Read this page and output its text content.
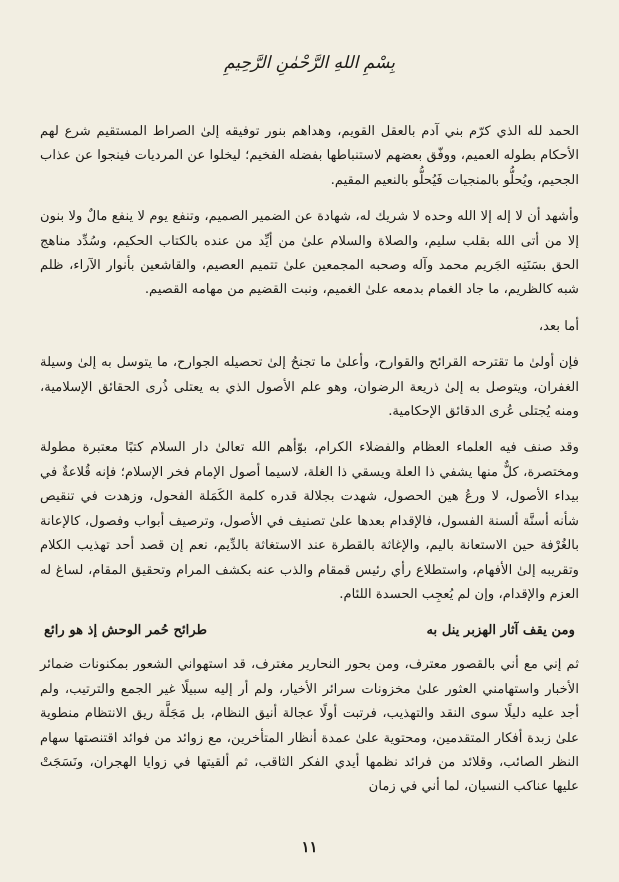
بِسْمِ اللهِ الرَّحْمٰنِ الرَّحِيمِ

الحمد لله الذي كرّم بني آدم بالعقل القويم، وهداهم بنور توفيقه إلىٰ الصراط المستقيم شرع لهم الأحكام بطوله العميم، ووفّق بعضهم لاستنباطها بفضله الفخيم؛ ليخلوا عن المرديات فينجوا عن عذاب الجحيم، ويُحلُّو بالمنجيات فَيُحلُّو بالنعيم المقيم.

وأشهد أن لا إله إلا الله وحده لا شريك له، شهادة عن الضمير الصميم، وتنفع يوم لا ينفع مالٌ ولا بنون إلا من أتى الله بقلب سليم، والصلاة والسلام علىٰ من أيِّد من عنده بالكتاب الحكيم، وسُدِّد مناهج الحق بسَنَنِه الجَريم محمد وآله وصحبه المجمعين علىٰ تتميم العصيم، والقاشعين بأنوار الآراء، ظلم شبه كالظريم، ما جاد الغمام بدمعه علىٰ الغميم، ونبت القضيم من مهامه القصيم.

أما بعد،

فإن أولىٰ ما تقترحه القرائح والقوارح، وأعلىٰ ما تجنحُ إلىٰ تحصيله الجوارح، ما يتوسل به إلىٰ وسيلة الغفران، ويتوصل به إلىٰ ذريعة الرضوان، وهو علم الأصول الذي به يعتلى ذُرى الحقائق الإسلامية، ومنه يُجتلى عُرى الدقائق الإحكامية.

وقد صنف فيه العلماء العظام والفضلاء الكرام، بوّأهم الله تعالىٰ دار السلام كتبًا معتبرة مطولة ومختصرة، كلٌّ منها يشفي ذا العلة ويسقي ذا الغلة، لاسيما أصول الإمام فخر الإسلام؛ فإنه قُلاعةٌ في بيداء الأصول، لا ورعُ هين الحصول، شهدت بجلالة قدره كلمة الكَمَلة الفحول، وزهدت في تنقيص شأنه أسنَّة ألسنة الفسول، فالإقدام بعدها علىٰ تصنيف في الأصول، وترصيف أبواب وفصول، كالإعانة بالغُرْفة حين الاستعانة باليم، والإغاثة بالقطرة عند الاستغاثة بالدِّيم، نعم إن قصد أحد تهذيب الكلام وتقريبه إلىٰ الأفهام، واستطلاع رأي رئيس قمقام والذب عنه بكشف المرام وتحقيق المقام، لساغ له العزم والإقدام، وإن لم يُعجِب الحسدة اللئام.

ومن يقف آثار الهزبر ينل به
طرائح حُمر الوحش إذ هو رائع

ثم إني مع أني بالقصور معترف، ومن بحور النحارير مغترف، قد استهواني الشعور بمكنونات ضمائر الأخبار واستهامني العثور علىٰ مخزونات سرائر الأخيار، ولم أر إليه سبيلًا غير الجمع والترتيب، ولم أجد عليه دليلًا سوى النقد والتهذيب، فرتبت أولًا عجالة أنيق النظام، بل مَجَلَّة ريق الانتظام منطوية علىٰ زبدة أفكار المتقدمين، ومحتوية علىٰ عمدة أنظار المتأخرين، مع زوائد من فوائد اقتنصتها سهام النظر الصائب، وقلائد من فرائد نظمها أيدي الفكر الثاقب، ثم ألقيتها في زوايا الهجران، ونَسَجَتْ عليها عناكب النسيان، لما أني في زمان

١١
